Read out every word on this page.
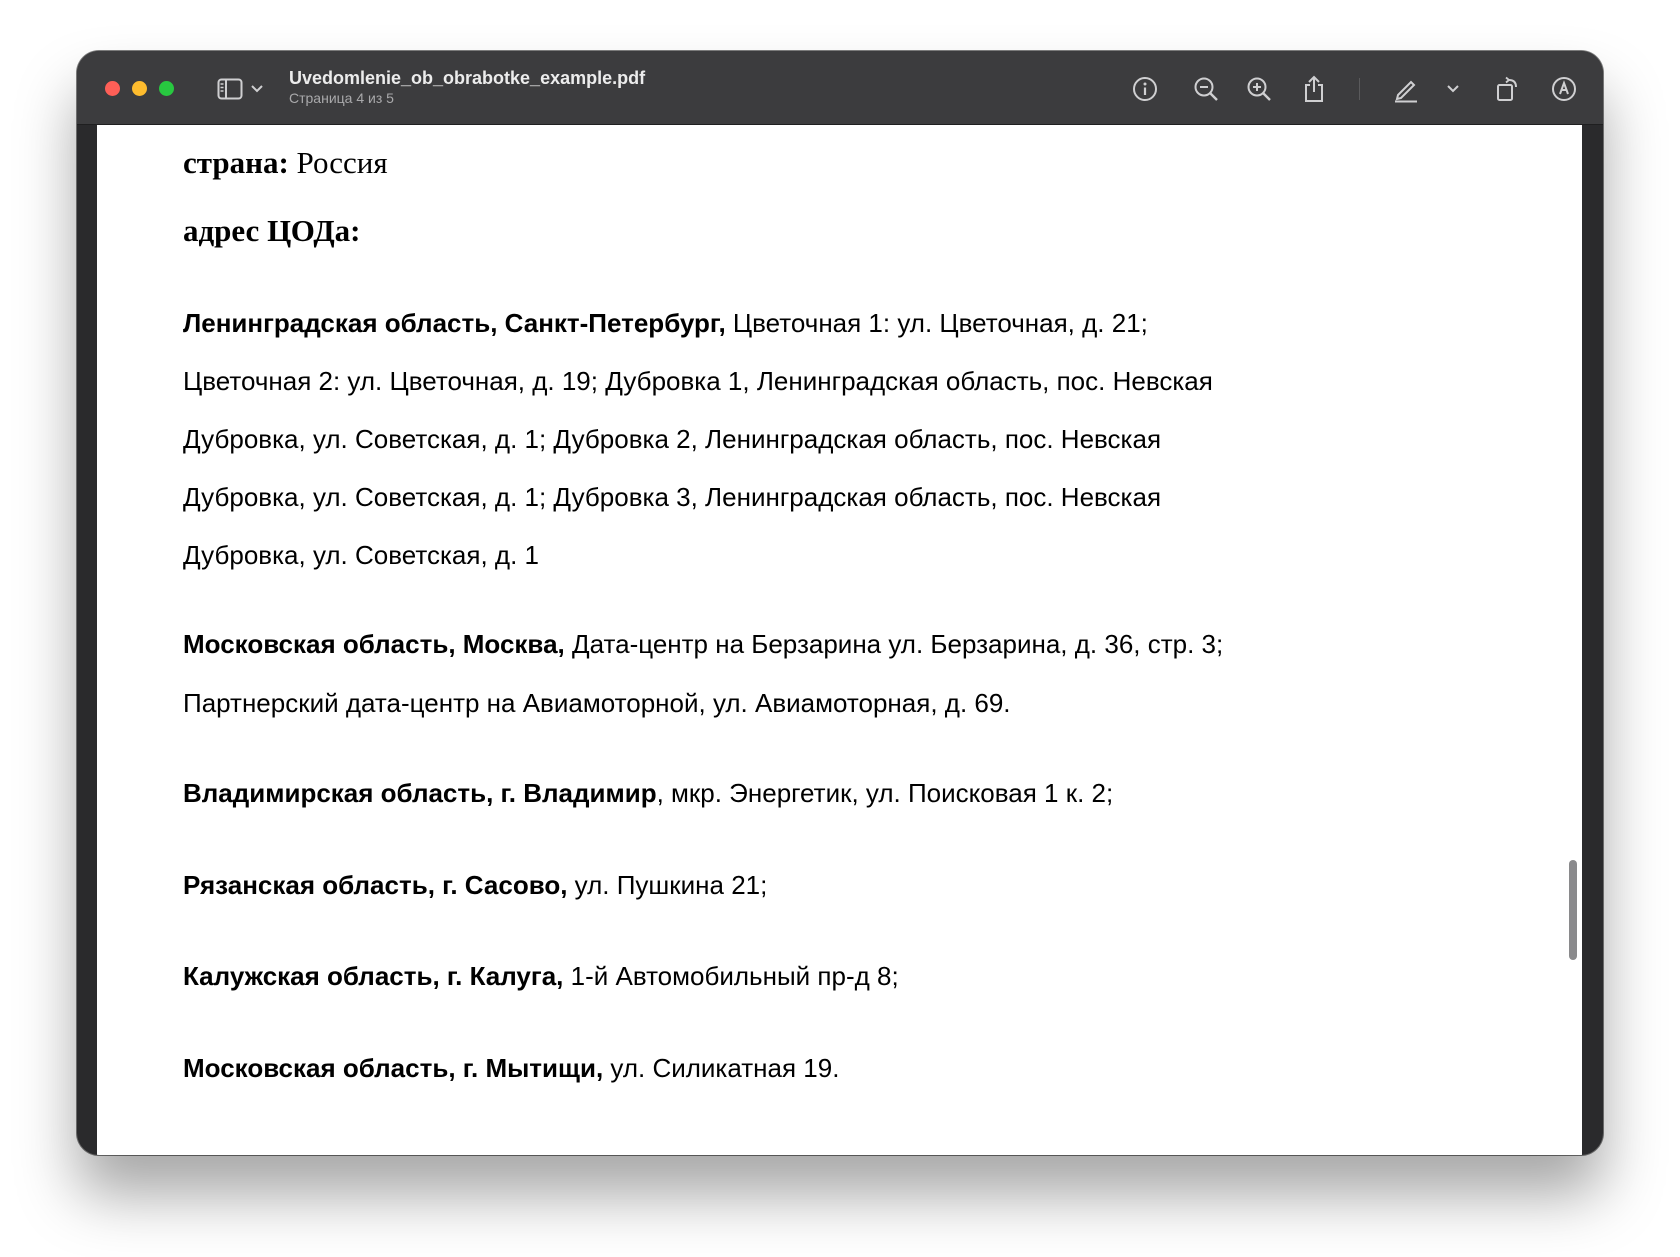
Uvedomlenie_ob_obrabotke_example.pdf
Страница 4 из 5
страна: Россия
адрес ЦОДа:
Ленинградская область, Санкт-Петербург, Цветочная 1: ул. Цветочная, д. 21;
Цветочная 2: ул. Цветочная, д. 19; Дубровка 1, Ленинградская область, пос. Невская
Дубровка, ул. Советская, д. 1; Дубровка 2, Ленинградская область, пос. Невская
Дубровка, ул. Советская, д. 1; Дубровка 3, Ленинградская область, пос. Невская
Дубровка, ул. Советская, д. 1
Московская область, Москва, Дата-центр на Берзарина ул. Берзарина, д. 36, стр. 3;
Партнерский дата-центр на Авиамоторной, ул. Авиамоторная, д. 69.
Владимирская область, г. Владимир, мкр. Энергетик, ул. Поисковая 1 к. 2;
Рязанская область, г. Сасово, ул. Пушкина 21;
Калужская область, г. Калуга, 1-й Автомобильный пр-д 8;
Московская область, г. Мытищи, ул. Силикатная 19.
